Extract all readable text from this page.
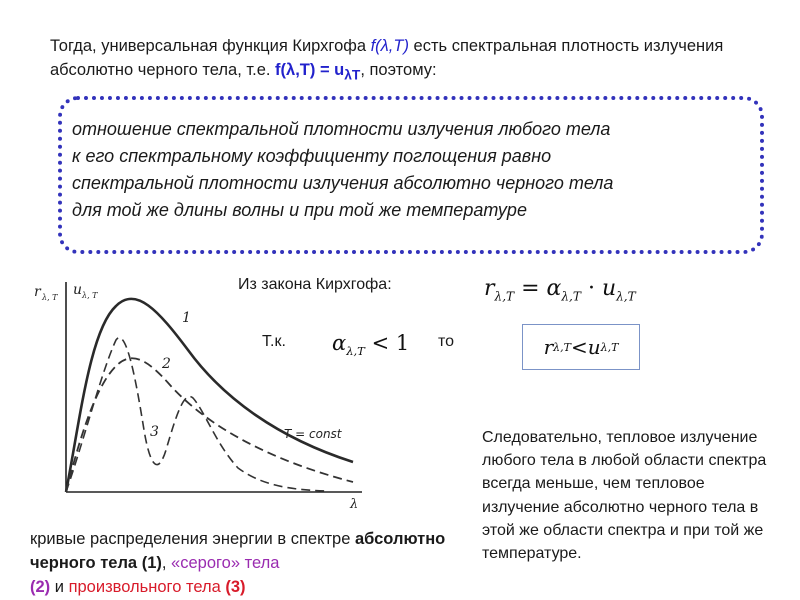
Тогда, универсальная функция Кирхгофа f(λ,T) есть спектральная плотность излучения абсолютно черного тела, т.е. $f(\lambda,T) = u_{\lambda T}$, поэтому:
отношение спектральной плотности излучения любого тела
к его спектральному коэффициенту поглощения равно
спектральной плотности излучения абсолютно черного тела
для той же длины волны и при той же температуре
r λ, T u λ, T
λ
1
2
3	T = const
Из закона Кирхгофа:	$r_{\lambda,T} = \alpha_{\lambda,T} \cdot u_{\lambda,T}$
Т.к. $\alpha_{\lambda,T} < 1$ то	r λ,T < u λ,T
Следовательно, тепловое излучение любого тела в любой области спектра всегда меньше, чем тепловое излучение абсолютно черного тела в этой же области спектра и при той же температуре.
кривые распределения энергии в спектре абсолютно черного тела (1), «серого» тела
(2) и произвольного тела (3)
